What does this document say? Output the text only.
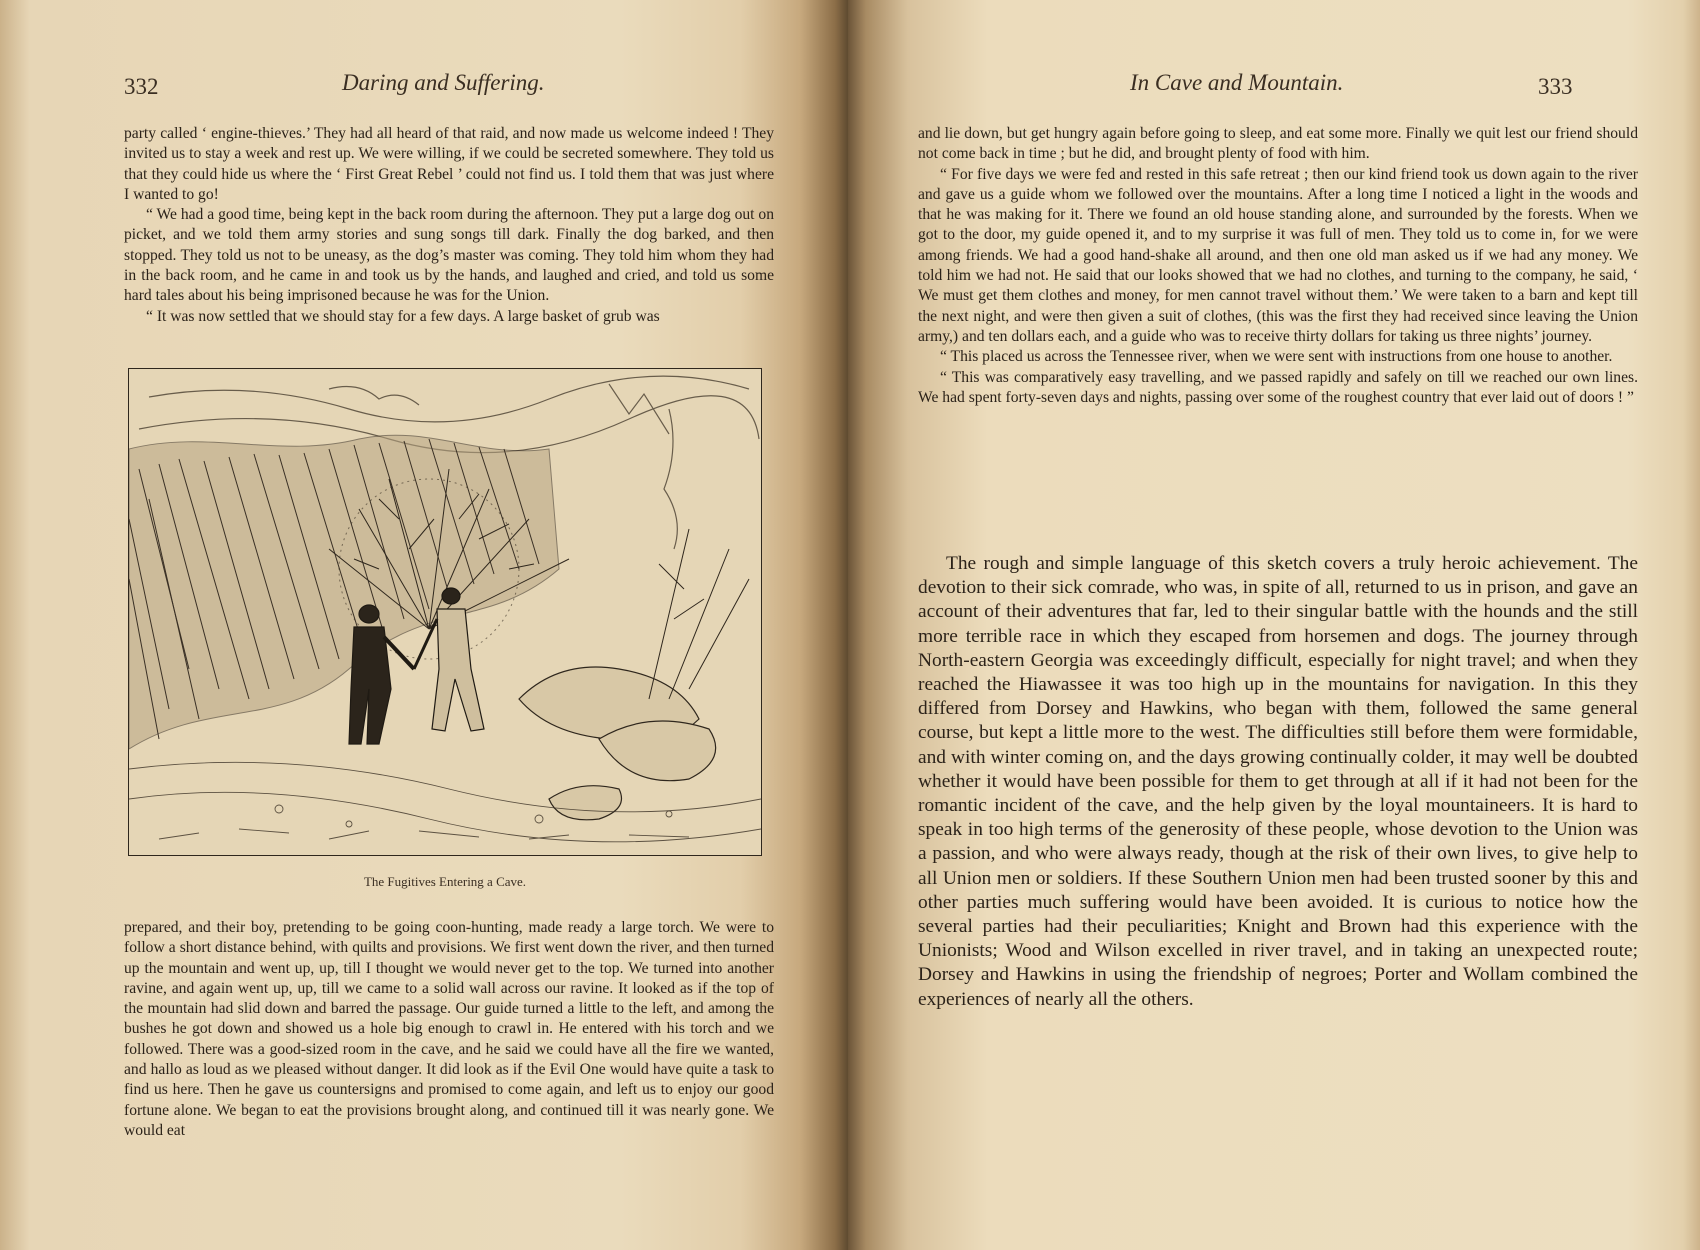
332	Daring and Suffering.

party called ‘ engine-thieves.’ They had all heard of that raid, and now made us welcome indeed ! They invited us to stay a week and rest up. We were willing, if we could be secreted somewhere. They told us that they could hide us where the ‘ First Great Rebel ’ could not find us. I told them that was just where I wanted to go!

“ We had a good time, being kept in the back room during the afternoon. They put a large dog out on picket, and we told them army stories and sung songs till dark. Finally the dog barked, and then stopped. They told us not to be uneasy, as the dog’s master was coming. They told him whom they had in the back room, and he came in and took us by the hands, and laughed and cried, and told us some hard tales about his being imprisoned because he was for the Union.

“ It was now settled that we should stay for a few days. A large basket of grub was

The Fugitives Entering a Cave.

prepared, and their boy, pretending to be going coon-hunting, made ready a large torch. We were to follow a short distance behind, with quilts and provisions. We first went down the river, and then turned up the mountain and went up, up, till I thought we would never get to the top. We turned into another ravine, and again went up, up, till we came to a solid wall across our ravine. It looked as if the top of the mountain had slid down and barred the passage. Our guide turned a little to the left, and among the bushes he got down and showed us a hole big enough to crawl in. He entered with his torch and we followed. There was a good-sized room in the cave, and he said we could have all the fire we wanted, and hallo as loud as we pleased without danger. It did look as if the Evil One would have quite a task to find us here. Then he gave us countersigns and promised to come again, and left us to enjoy our good fortune alone. We began to eat the provisions brought along, and continued till it was nearly gone. We would eat

In Cave and Mountain.	333

and lie down, but get hungry again before going to sleep, and eat some more. Finally we quit lest our friend should not come back in time ; but he did, and brought plenty of food with him.

“ For five days we were fed and rested in this safe retreat ; then our kind friend took us down again to the river and gave us a guide whom we followed over the mountains. After a long time I noticed a light in the woods and that he was making for it. There we found an old house standing alone, and surrounded by the forests. When we got to the door, my guide opened it, and to my surprise it was full of men. They told us to come in, for we were among friends. We had a good hand-shake all around, and then one old man asked us if we had any money. We told him we had not. He said that our looks showed that we had no clothes, and turning to the company, he said, ‘ We must get them clothes and money, for men cannot travel without them.’ We were taken to a barn and kept till the next night, and were then given a suit of clothes, (this was the first they had received since leaving the Union army,) and ten dollars each, and a guide who was to receive thirty dollars for taking us three nights’ journey.

“ This placed us across the Tennessee river, when we were sent with instructions from one house to another.

“ This was comparatively easy travelling, and we passed rapidly and safely on till we reached our own lines. We had spent forty-seven days and nights, passing over some of the roughest country that ever laid out of doors ! ”

The rough and simple language of this sketch covers a truly heroic achievement. The devotion to their sick comrade, who was, in spite of all, returned to us in prison, and gave an account of their adventures that far, led to their singular battle with the hounds and the still more terrible race in which they escaped from horsemen and dogs. The journey through North-eastern Georgia was exceedingly difficult, especially for night travel; and when they reached the Hiawassee it was too high up in the mountains for navigation. In this they differed from Dorsey and Hawkins, who began with them, followed the same general course, but kept a little more to the west. The difficulties still before them were formidable, and with winter coming on, and the days growing continually colder, it may well be doubted whether it would have been possible for them to get through at all if it had not been for the romantic incident of the cave, and the help given by the loyal mountaineers. It is hard to speak in too high terms of the generosity of these people, whose devotion to the Union was a passion, and who were always ready, though at the risk of their own lives, to give help to all Union men or soldiers. If these Southern Union men had been trusted sooner by this and other parties much suffering would have been avoided. It is curious to notice how the several parties had their peculiarities; Knight and Brown had this experience with the Unionists; Wood and Wilson excelled in river travel, and in taking an unexpected route; Dorsey and Hawkins in using the friendship of negroes; Porter and Wollam combined the experiences of nearly all the others.
